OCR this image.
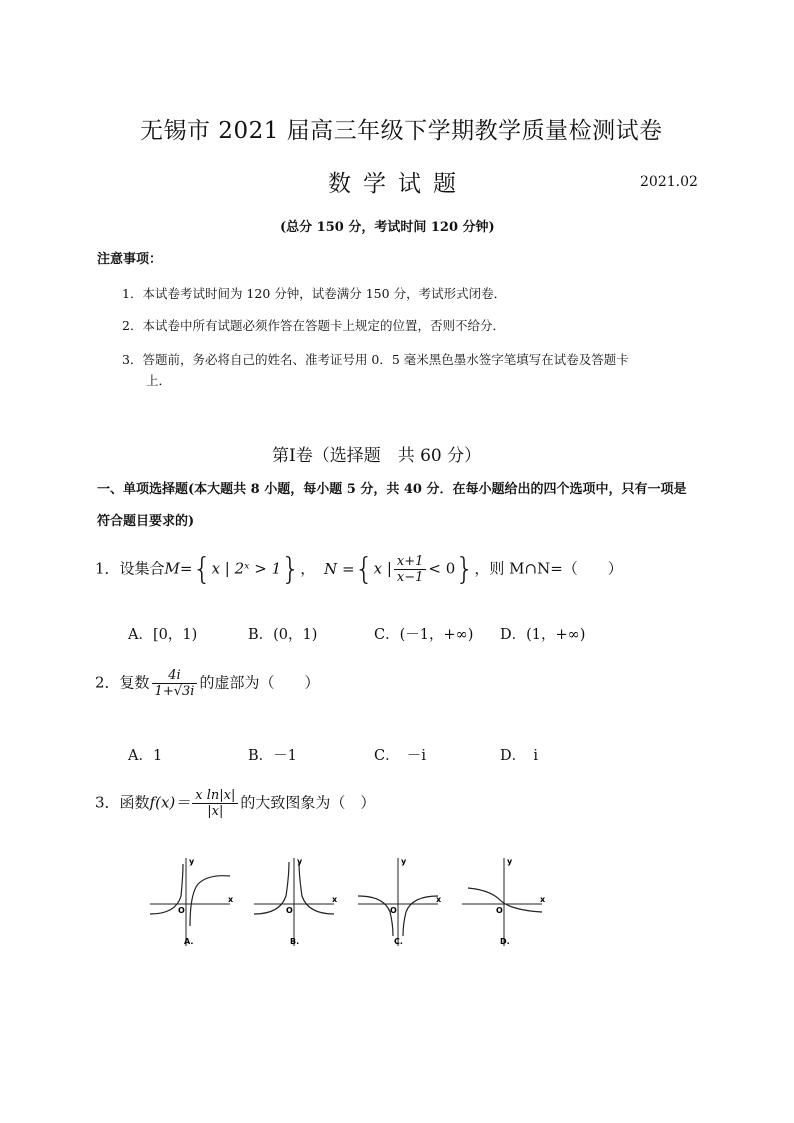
无锡市 2021 届高三年级下学期教学质量检测试卷
数学试题	2021.02
(总分 150 分，考试时间 120 分钟)
注意事项：
1．本试卷考试时间为 120 分钟，试卷满分 150 分，考试形式闭卷．
2．本试卷中所有试题必须作答在答题卡上规定的位置，否则不给分．
3．答题前，务必将自己的姓名、准考证号用 0．5 毫米黑色墨水签字笔填写在试卷及答题卡
上．
第Ⅰ卷（选择题　共 60 分）
一、单项选择题(本大题共 8 小题，每小题 5 分，共 40 分．在每小题给出的四个选项中，只有一项是
符合题目要求的)
1．设集合M={x | 2ˣ > 1}， N ={x | $\frac{x+1}{x-1} < 0$}，则 M∩N=（　　）
A．[0，1)	B．(0，1)	C．(－1，+∞) D．(1，+∞)
2．复数 $\frac{4i}{1+√3i}$ 的虚部为（　　）
A．1	B．－1	C．　－i	D．　i
3．函数$f(x)= \frac{\text{x ln|x|}}{|x|}$ 的大致图象为（　）
y
x
O
A.
y
x
O
B.
y
x
O
C.
y
x
O
D.
